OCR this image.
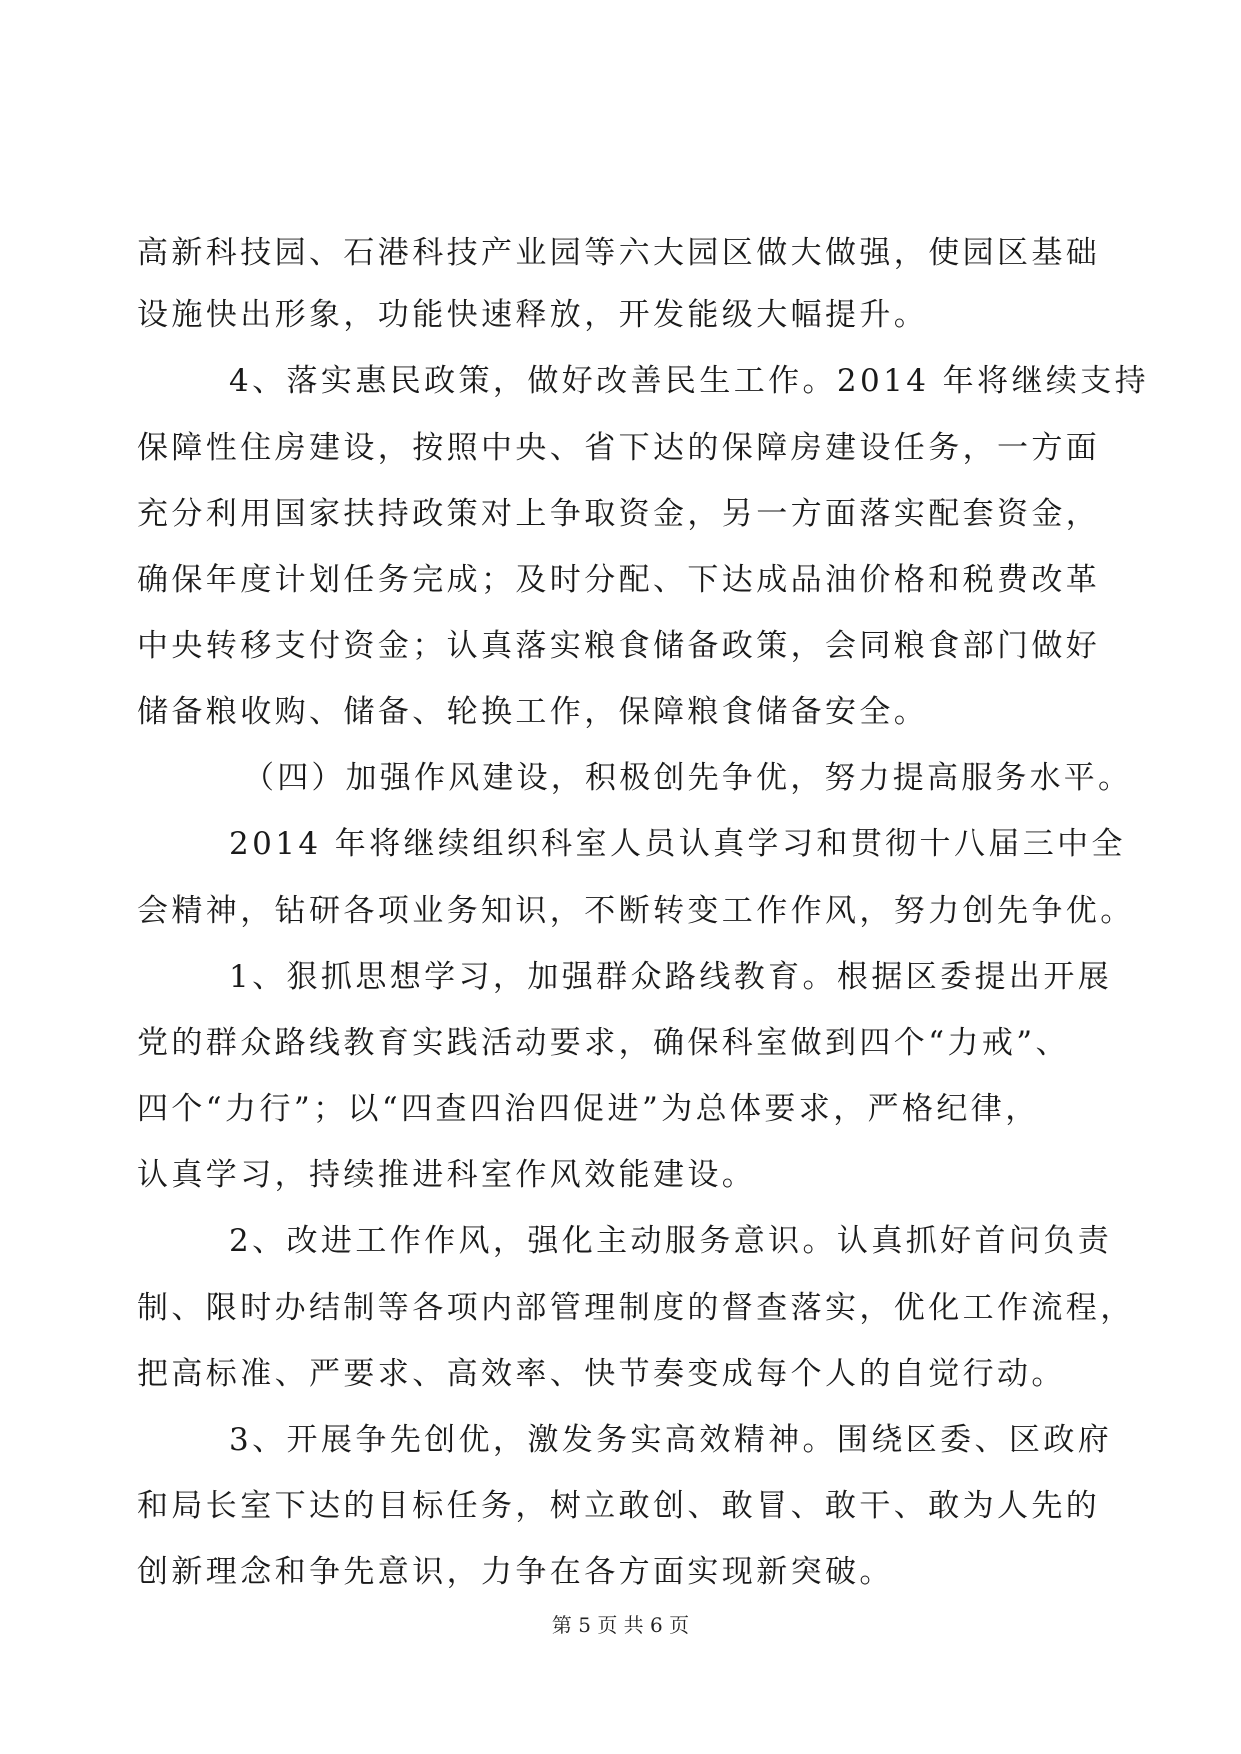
高新科技园、石港科技产业园等六大园区做大做强，使园区基础
设施快出形象，功能快速释放，开发能级大幅提升。
4、落实惠民政策，做好改善民生工作。2014 年将继续支持
保障性住房建设，按照中央、省下达的保障房建设任务，一方面
充分利用国家扶持政策对上争取资金，另一方面落实配套资金，
确保年度计划任务完成；及时分配、下达成品油价格和税费改革
中央转移支付资金；认真落实粮食储备政策，会同粮食部门做好
储备粮收购、储备、轮换工作，保障粮食储备安全。
（四）加强作风建设，积极创先争优，努力提高服务水平。
2014 年将继续组织科室人员认真学习和贯彻十八届三中全
会精神，钻研各项业务知识，不断转变工作作风，努力创先争优。
1、狠抓思想学习，加强群众路线教育。根据区委提出开展
党的群众路线教育实践活动要求，确保科室做到四个“力戒”、
四个“力行”；以“四查四治四促进”为总体要求，严格纪律，
认真学习，持续推进科室作风效能建设。
2、改进工作作风，强化主动服务意识。认真抓好首问负责
制、限时办结制等各项内部管理制度的督查落实，优化工作流程，
把高标准、严要求、高效率、快节奏变成每个人的自觉行动。
3、开展争先创优，激发务实高效精神。围绕区委、区政府
和局长室下达的目标任务，树立敢创、敢冒、敢干、敢为人先的
创新理念和争先意识，力争在各方面实现新突破。
第 5 页 共 6 页
